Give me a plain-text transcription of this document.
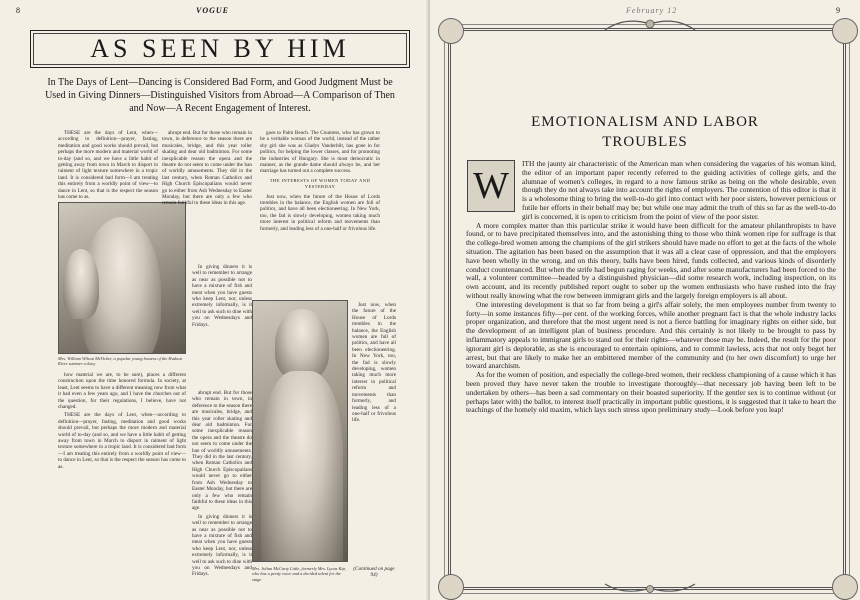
8	VOGUE
AS SEEN BY HIM
In The Days of Lent—Dancing is Considered Bad Form, and Good Judgment Must be Used in Giving Dinners—Distinguished Visitors from Abroad—A Comparison of Then and Now—A Recent Engagement of Interest.

THESE are the days of Lent, when—according to definition—prayer, fasting, meditation and good works should prevail, but perhaps the more modern and material world of to-day (and so, and we have a little habit of getting away from town in March to disport in raiment of light texture somewhere in a tropic land. It is considered bad form—I am treating this entirely from a worldly point of view—to dance in Lent, so that is the respect the season has come to as.

Mrs. William Wilson McVicker, a popular young hostess of the Hudson River summer colony

how material we are, to be sure), places a different construction upon the time honored formula. In society, at least, Lent seems to have a different meaning now from what it had even a few years ago, and I have the churches out of the question, for their regulations, I believe, have not changed.

THESE are the days of Lent, when—according to definition—prayer, fasting, meditation and good works should prevail, but perhaps the more modern and material world of to-day (and so, and we have a little habit of getting away from town in March to disport in raiment of light texture somewhere in a tropic land. It is considered bad form—I am treating this entirely from a worldly point of view—to dance in Lent, so that is the respect the season has come to as.

abrupt end. But for those who remain in town, in deference to the season there are musicales, bridge, and this year roller skating and dear old badminton. For some inexplicable reason the opera and the theatre do not seem to come under the ban of worldly amusements. They did in the last century, when Roman Catholics and High Church Episcopalians would never go to either from Ash Wednesday to Easter Monday, but there are only a few who remain faithful to these ideas in this age.

In giving dinners it is well to remember to arrange as near as possible not to have a mixture of fish and meat when you have guests who keep Lent, nor, unless extremely informally, is it well to ask such to dine with you on Wednesdays and Fridays.

abrupt end. But for those who remain in town, in deference to the season there are musicales, bridge, and this year roller skating and dear old badminton. For some inexplicable reason the opera and the theatre do not seem to come under the ban of worldly amusements. They did in the last century, when Roman Catholics and High Church Episcopalians would never go to either from Ash Wednesday to Easter Monday, but there are only a few who remain faithful to these ideas in this age.

In giving dinners it is well to remember to arrange as near as possible not to have a mixture of fish and meat when you have guests who keep Lent, nor, unless extremely informally, is it well to ask such to dine with you on Wednesdays and Fridays.

Mrs. Julian McCarty Little, formerly Mrs. Lyons Kip, who has a pretty voice and a decided talent for the stage

goes to Palm Beach. The Countess, who has grown to be a veritable woman of the world, instead of the rather shy girl she was as Gladys Vanderbilt, has gone in for politics, for helping the lower classes, and for promoting the industries of Hungary. She is most democratic in manner, as the grande dame should always be, and her marriage has turned out a complete success.

THE INTERESTS OF WOMEN TODAY AND YESTERDAY

Just now, when the future of the House of Lords trembles in the balance, the English women are full of politics, and have all been electioneering. In New York, too, the fad is slowly developing, women taking much more interest in political reform and movements than formerly, and leading less of a one-half or frivolous life.

Just now, when the future of the House of Lords trembles in the balance, the English women are full of politics, and have all been electioneering. In New York, too, the fad is slowly developing, women taking much more interest in political reform and movements than formerly, and leading less of a one-half or frivolous life.

(Continued on page 94)

February 12	9
EMOTIONALISM AND LABOR
TROUBLES

ITH the jaunty air characteristic of the American man when considering the vagaries of his woman kind, the editor of an important paper recently referred to the guiding activities of college girls, and the alumnae of women's colleges, in regard to a now famous strike as being on the whole desirable, even though they do not always take into account the rights of employers. The contention of this editor is that it is a wholesome thing to bring the well-to-do girl into contact with her poor sisters, however pernicious or futile her efforts in their behalf may be; but while one may admit the truth of this so far as the well-to-do girl is concerned, it is open to criticism from the point of view of the poor sister.

A more complex matter than this particular strike it would have been difficult for the amateur philanthropists to have found, or to have precipitated themselves into, and the astonishing thing to those who think women ripe for suffrage is that the college-bred women among the champions of the girl strikers should have made no effort to get at the facts of the whole situation. The agitation has been based on the assumption that it was all a clear case of oppression, and that the employers have been wholly in the wrong, and on this theory, balls have been hired, funds collected, and various kinds of disorderly conduct countenanced. But when the strife had begun raging for weeks, and after some manufacturers had been forced to the wall, a volunteer committee—headed by a distinguished physician—did some research work, including inspection, on its own account, and its recently published report ought to sober up the women enthusiasts who have rushed into the fray without really knowing what the row between immigrant girls and the largely foreign employers is all about.

One interesting development is that so far from being a girl's affair solely, the men employees number from twenty to forty—in some instances fifty—per cent. of the working forces, while another pregnant fact is that the whole industry lacks proper organization, and therefore that the most urgent need is not a fierce battling for imaginary rights on either side, but the development of an intelligent plan of business procedure. And this certainly is not likely to be brought to pass by inflammatory appeals to immigrant girls to stand out for their rights—whatever those may be. Indeed, the result for the poor ignorant girl is deplorable, as she is encouraged to entertain opinions, and to commit lawless, acts that not only beget her arrest, but that are likely to make her an embittered member of the community and (to her own discomfort) to urge her toward anarchism.

As for the women of position, and especially the college-bred women, their reckless championing of a cause which it has been proved they have never taken the trouble to investigate thoroughly—that necessary job having been left to be undertaken by others—has been a sad commentary on their boasted superiority. If the gentler sex is to continue without (or perhaps later with) the ballot, to interest itself practically in important public questions, it is suggested that it take to heart the teachings of the homely old maxim, which lays such stress upon preliminary study—Look before you leap!

W
